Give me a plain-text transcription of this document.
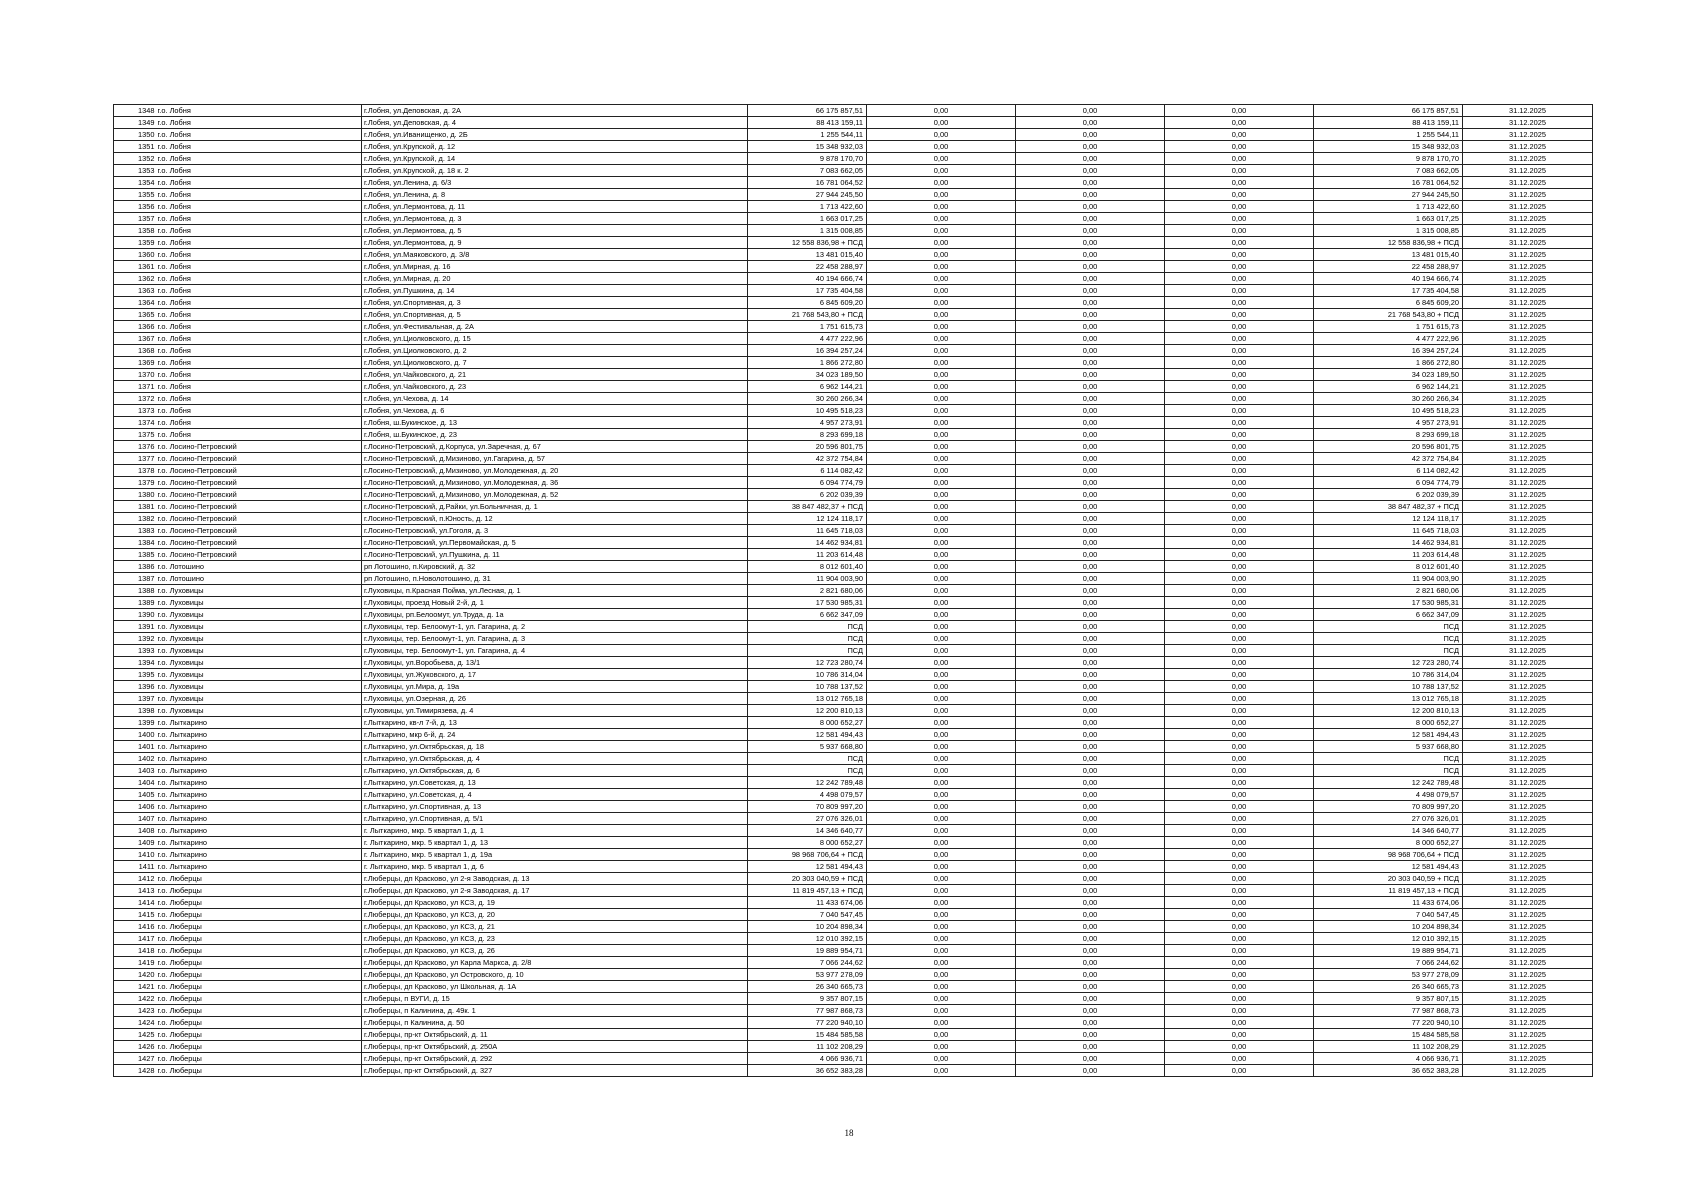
1348	г.о. Лобня	г.Лобня, ул.Деповская, д. 2А	66 175 857,51	0,00	0,00	0,00	66 175 857,51	31.12.2025
1349	г.о. Лобня	г.Лобня, ул.Деповская, д. 4	88 413 159,11	0,00	0,00	0,00	88 413 159,11	31.12.2025
1350	г.о. Лобня	г.Лобня, ул.Иванищенко, д. 2Б	1 255 544,11	0,00	0,00	0,00	1 255 544,11	31.12.2025
1351	г.о. Лобня	г.Лобня, ул.Крупской, д. 12	15 348 932,03	0,00	0,00	0,00	15 348 932,03	31.12.2025
1352	г.о. Лобня	г.Лобня, ул.Крупской, д. 14	9 878 170,70	0,00	0,00	0,00	9 878 170,70	31.12.2025
1353	г.о. Лобня	г.Лобня, ул.Крупской, д. 18 к. 2	7 083 662,05	0,00	0,00	0,00	7 083 662,05	31.12.2025
1354	г.о. Лобня	г.Лобня, ул.Ленина, д. 6/3	16 781 064,52	0,00	0,00	0,00	16 781 064,52	31.12.2025
1355	г.о. Лобня	г.Лобня, ул.Ленина, д. 8	27 944 245,50	0,00	0,00	0,00	27 944 245,50	31.12.2025
1356	г.о. Лобня	г.Лобня, ул.Лермонтова, д. 11	1 713 422,60	0,00	0,00	0,00	1 713 422,60	31.12.2025
1357	г.о. Лобня	г.Лобня, ул.Лермонтова, д. 3	1 663 017,25	0,00	0,00	0,00	1 663 017,25	31.12.2025
1358	г.о. Лобня	г.Лобня, ул.Лермонтова, д. 5	1 315 008,85	0,00	0,00	0,00	1 315 008,85	31.12.2025
1359	г.о. Лобня	г.Лобня, ул.Лермонтова, д. 9	12 558 836,98 + ПСД	0,00	0,00	0,00	12 558 836,98 + ПСД	31.12.2025
1360	г.о. Лобня	г.Лобня, ул.Маяковского, д. 3/8	13 481 015,40	0,00	0,00	0,00	13 481 015,40	31.12.2025
1361	г.о. Лобня	г.Лобня, ул.Мирная, д. 16	22 458 288,97	0,00	0,00	0,00	22 458 288,97	31.12.2025
1362	г.о. Лобня	г.Лобня, ул.Мирная, д. 20	40 194 666,74	0,00	0,00	0,00	40 194 666,74	31.12.2025
1363	г.о. Лобня	г.Лобня, ул.Пушкина, д. 14	17 735 404,58	0,00	0,00	0,00	17 735 404,58	31.12.2025
1364	г.о. Лобня	г.Лобня, ул.Спортивная, д. 3	6 845 609,20	0,00	0,00	0,00	6 845 609,20	31.12.2025
1365	г.о. Лобня	г.Лобня, ул.Спортивная, д. 5	21 768 543,80 + ПСД	0,00	0,00	0,00	21 768 543,80 + ПСД	31.12.2025
1366	г.о. Лобня	г.Лобня, ул.Фестивальная, д. 2А	1 751 615,73	0,00	0,00	0,00	1 751 615,73	31.12.2025
1367	г.о. Лобня	г.Лобня, ул.Циолковского, д. 15	4 477 222,96	0,00	0,00	0,00	4 477 222,96	31.12.2025
1368	г.о. Лобня	г.Лобня, ул.Циолковского, д. 2	16 394 257,24	0,00	0,00	0,00	16 394 257,24	31.12.2025
1369	г.о. Лобня	г.Лобня, ул.Циолковского, д. 7	1 866 272,80	0,00	0,00	0,00	1 866 272,80	31.12.2025
1370	г.о. Лобня	г.Лобня, ул.Чайковского, д. 21	34 023 189,50	0,00	0,00	0,00	34 023 189,50	31.12.2025
1371	г.о. Лобня	г.Лобня, ул.Чайковского, д. 23	6 962 144,21	0,00	0,00	0,00	6 962 144,21	31.12.2025
1372	г.о. Лобня	г.Лобня, ул.Чехова, д. 14	30 260 266,34	0,00	0,00	0,00	30 260 266,34	31.12.2025
1373	г.о. Лобня	г.Лобня, ул.Чехова, д. 6	10 495 518,23	0,00	0,00	0,00	10 495 518,23	31.12.2025
1374	г.о. Лобня	г.Лобня, ш.Букинское, д. 13	4 957 273,91	0,00	0,00	0,00	4 957 273,91	31.12.2025
1375	г.о. Лобня	г.Лобня, ш.Букинское, д. 23	8 293 699,18	0,00	0,00	0,00	8 293 699,18	31.12.2025
1376	г.о. Лосино-Петровский	г.Лосино-Петровский, д.Корпуса, ул.Заречная, д. 67	20 596 801,75	0,00	0,00	0,00	20 596 801,75	31.12.2025
1377	г.о. Лосино-Петровский	г.Лосино-Петровский, д.Мизиново, ул.Гагарина, д. 57	42 372 754,84	0,00	0,00	0,00	42 372 754,84	31.12.2025
1378	г.о. Лосино-Петровский	г.Лосино-Петровский, д.Мизиново, ул.Молодежная, д. 20	6 114 082,42	0,00	0,00	0,00	6 114 082,42	31.12.2025
1379	г.о. Лосино-Петровский	г.Лосино-Петровский, д.Мизиново, ул.Молодежная, д. 36	6 094 774,79	0,00	0,00	0,00	6 094 774,79	31.12.2025
1380	г.о. Лосино-Петровский	г.Лосино-Петровский, д.Мизиново, ул.Молодежная, д. 52	6 202 039,39	0,00	0,00	0,00	6 202 039,39	31.12.2025
1381	г.о. Лосино-Петровский	г.Лосино-Петровский, д.Райки, ул.Больничная, д. 1	38 847 482,37 + ПСД	0,00	0,00	0,00	38 847 482,37 + ПСД	31.12.2025
1382	г.о. Лосино-Петровский	г.Лосино-Петровский, п.Юность, д. 12	12 124 118,17	0,00	0,00	0,00	12 124 118,17	31.12.2025
1383	г.о. Лосино-Петровский	г.Лосино-Петровский, ул.Гоголя, д. 3	11 645 718,03	0,00	0,00	0,00	11 645 718,03	31.12.2025
1384	г.о. Лосино-Петровский	г.Лосино-Петровский, ул.Первомайская, д. 5	14 462 934,81	0,00	0,00	0,00	14 462 934,81	31.12.2025
1385	г.о. Лосино-Петровский	г.Лосино-Петровский, ул.Пушкина, д. 11	11 203 614,48	0,00	0,00	0,00	11 203 614,48	31.12.2025
1386	г.о. Лотошино	рп Лотошино, п.Кировский, д. 32	8 012 601,40	0,00	0,00	0,00	8 012 601,40	31.12.2025
1387	г.о. Лотошино	рп Лотошино, п.Новолотошино, д. 31	11 904 003,90	0,00	0,00	0,00	11 904 003,90	31.12.2025
1388	г.о. Луховицы	г.Луховицы, п.Красная Пойма, ул.Лесная, д. 1	2 821 680,06	0,00	0,00	0,00	2 821 680,06	31.12.2025
1389	г.о. Луховицы	г.Луховицы, проезд Новый 2-й, д. 1	17 530 985,31	0,00	0,00	0,00	17 530 985,31	31.12.2025
1390	г.о. Луховицы	г.Луховицы, рп.Белоомут, ул.Труда, д. 1а	6 662 347,09	0,00	0,00	0,00	6 662 347,09	31.12.2025
1391	г.о. Луховицы	г.Луховицы, тер. Белоомут-1, ул. Гагарина, д. 2	ПСД	0,00	0,00	0,00	ПСД	31.12.2025
1392	г.о. Луховицы	г.Луховицы, тер. Белоомут-1, ул. Гагарина, д. 3	ПСД	0,00	0,00	0,00	ПСД	31.12.2025
1393	г.о. Луховицы	г.Луховицы, тер. Белоомут-1, ул. Гагарина, д. 4	ПСД	0,00	0,00	0,00	ПСД	31.12.2025
1394	г.о. Луховицы	г.Луховицы, ул.Воробьева, д. 13/1	12 723 280,74	0,00	0,00	0,00	12 723 280,74	31.12.2025
1395	г.о. Луховицы	г.Луховицы, ул.Жуковского, д. 17	10 786 314,04	0,00	0,00	0,00	10 786 314,04	31.12.2025
1396	г.о. Луховицы	г.Луховицы, ул.Мира, д. 19а	10 788 137,52	0,00	0,00	0,00	10 788 137,52	31.12.2025
1397	г.о. Луховицы	г.Луховицы, ул.Озерная, д. 26	13 012 765,18	0,00	0,00	0,00	13 012 765,18	31.12.2025
1398	г.о. Луховицы	г.Луховицы, ул.Тимирязева, д. 4	12 200 810,13	0,00	0,00	0,00	12 200 810,13	31.12.2025
1399	г.о. Лыткарино	г.Лыткарино, кв-л 7-й, д. 13	8 000 652,27	0,00	0,00	0,00	8 000 652,27	31.12.2025
1400	г.о. Лыткарино	г.Лыткарино, мкр 6-й, д. 24	12 581 494,43	0,00	0,00	0,00	12 581 494,43	31.12.2025
1401	г.о. Лыткарино	г.Лыткарино, ул.Октябрьская, д. 18	5 937 668,80	0,00	0,00	0,00	5 937 668,80	31.12.2025
1402	г.о. Лыткарино	г.Лыткарино, ул.Октябрьская, д. 4	ПСД	0,00	0,00	0,00	ПСД	31.12.2025
1403	г.о. Лыткарино	г.Лыткарино, ул.Октябрьская, д. 6	ПСД	0,00	0,00	0,00	ПСД	31.12.2025
1404	г.о. Лыткарино	г.Лыткарино, ул.Советская, д. 13	12 242 789,48	0,00	0,00	0,00	12 242 789,48	31.12.2025
1405	г.о. Лыткарино	г.Лыткарино, ул.Советская, д. 4	4 498 079,57	0,00	0,00	0,00	4 498 079,57	31.12.2025
1406	г.о. Лыткарино	г.Лыткарино, ул.Спортивная, д. 13	70 809 997,20	0,00	0,00	0,00	70 809 997,20	31.12.2025
1407	г.о. Лыткарино	г.Лыткарино, ул.Спортивная, д. 5/1	27 076 326,01	0,00	0,00	0,00	27 076 326,01	31.12.2025
1408	г.о. Лыткарино	г. Лыткарино, мкр. 5 квартал 1, д. 1	14 346 640,77	0,00	0,00	0,00	14 346 640,77	31.12.2025
1409	г.о. Лыткарино	г. Лыткарино, мкр. 5 квартал 1, д. 13	8 000 652,27	0,00	0,00	0,00	8 000 652,27	31.12.2025
1410	г.о. Лыткарино	г. Лыткарино, мкр. 5 квартал 1, д. 19а	98 968 706,64 + ПСД	0,00	0,00	0,00	98 968 706,64 + ПСД	31.12.2025
1411	г.о. Лыткарино	г. Лыткарино, мкр. 5 квартал 1, д. 6	12 581 494,43	0,00	0,00	0,00	12 581 494,43	31.12.2025
1412	г.о. Люберцы	г.Люберцы, дп Красково, ул 2-я Заводская, д. 13	20 303 040,59 + ПСД	0,00	0,00	0,00	20 303 040,59 + ПСД	31.12.2025
1413	г.о. Люберцы	г.Люберцы, дп Красково, ул 2-я Заводская, д. 17	11 819 457,13 + ПСД	0,00	0,00	0,00	11 819 457,13 + ПСД	31.12.2025
1414	г.о. Люберцы	г.Люберцы, дп Красково, ул КСЗ, д. 19	11 433 674,06	0,00	0,00	0,00	11 433 674,06	31.12.2025
1415	г.о. Люберцы	г.Люберцы, дп Красково, ул КСЗ, д. 20	7 040 547,45	0,00	0,00	0,00	7 040 547,45	31.12.2025
1416	г.о. Люберцы	г.Люберцы, дп Красково, ул КСЗ, д. 21	10 204 898,34	0,00	0,00	0,00	10 204 898,34	31.12.2025
1417	г.о. Люберцы	г.Люберцы, дп Красково, ул КСЗ, д. 23	12 010 392,15	0,00	0,00	0,00	12 010 392,15	31.12.2025
1418	г.о. Люберцы	г.Люберцы, дп Красково, ул КСЗ, д. 26	19 889 954,71	0,00	0,00	0,00	19 889 954,71	31.12.2025
1419	г.о. Люберцы	г.Люберцы, дп Красково, ул Карла Маркса, д. 2/8	7 066 244,62	0,00	0,00	0,00	7 066 244,62	31.12.2025
1420	г.о. Люберцы	г.Люберцы, дп Красково, ул Островского, д. 10	53 977 278,09	0,00	0,00	0,00	53 977 278,09	31.12.2025
1421	г.о. Люберцы	г.Люберцы, дп Красково, ул Школьная, д. 1А	26 340 665,73	0,00	0,00	0,00	26 340 665,73	31.12.2025
1422	г.о. Люберцы	г.Люберцы, п ВУГИ, д. 15	9 357 807,15	0,00	0,00	0,00	9 357 807,15	31.12.2025
1423	г.о. Люберцы	г.Люберцы, п Калинина, д. 49к. 1	77 987 868,73	0,00	0,00	0,00	77 987 868,73	31.12.2025
1424	г.о. Люберцы	г.Люберцы, п Калинина, д. 50	77 220 940,10	0,00	0,00	0,00	77 220 940,10	31.12.2025
1425	г.о. Люберцы	г.Люберцы, пр-кт Октябрьский, д. 11	15 484 585,58	0,00	0,00	0,00	15 484 585,58	31.12.2025
1426	г.о. Люберцы	г.Люберцы, пр-кт Октябрьский, д. 250А	11 102 208,29	0,00	0,00	0,00	11 102 208,29	31.12.2025
1427	г.о. Люберцы	г.Люберцы, пр-кт Октябрьский, д. 292	4 066 936,71	0,00	0,00	0,00	4 066 936,71	31.12.2025
1428	г.о. Люберцы	г.Люберцы, пр-кт Октябрьский, д. 327	36 652 383,28	0,00	0,00	0,00	36 652 383,28	31.12.2025
18
